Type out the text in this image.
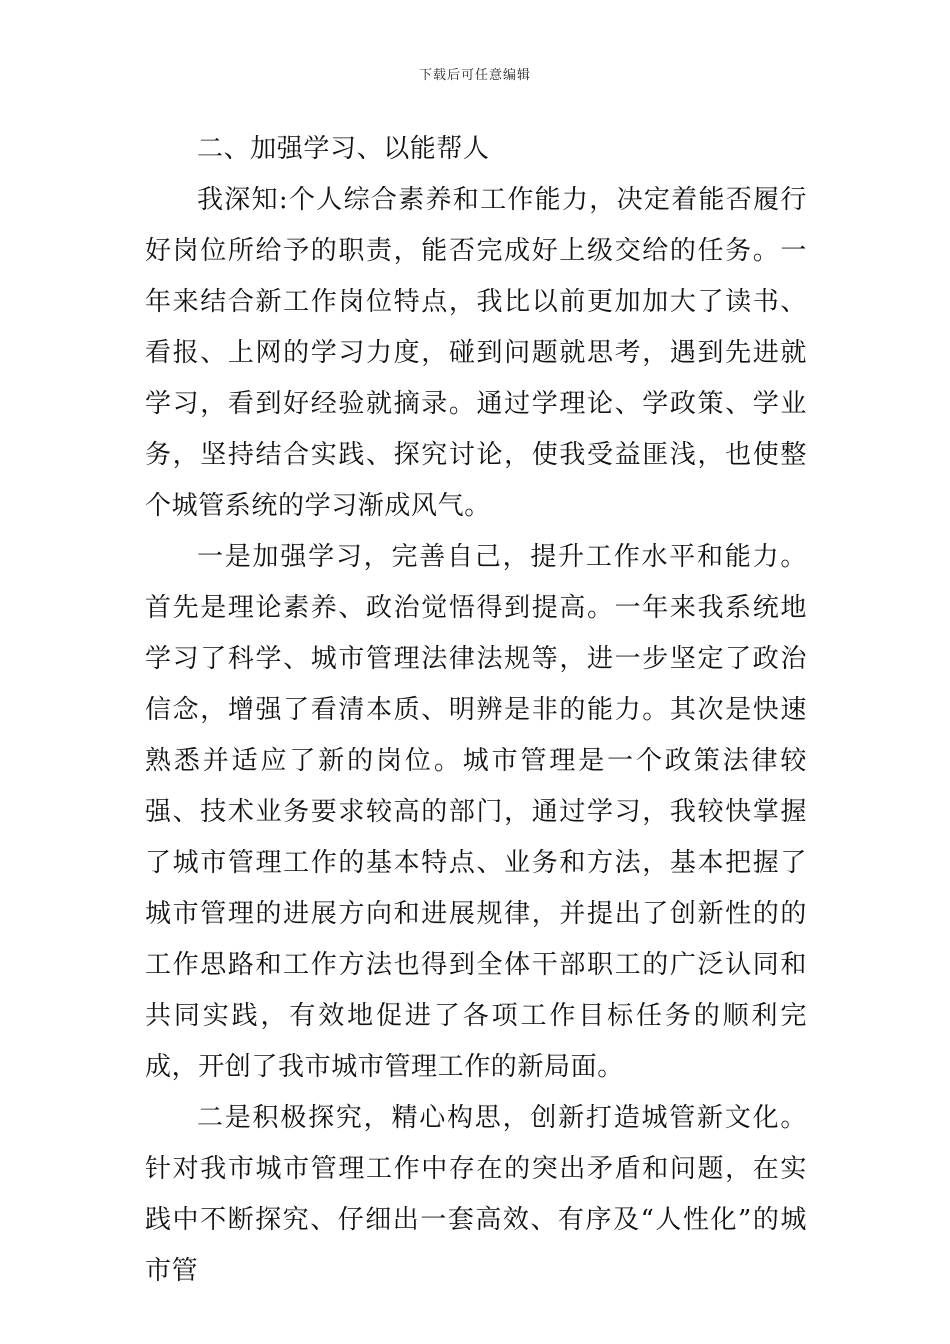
下载后可任意编辑

二、加强学习、以能帮人

我深知:个人综合素养和工作能力，决定着能否履行好岗位所给予的职责，能否完成好上级交给的任务。一年来结合新工作岗位特点，我比以前更加加大了读书、看报、上网的学习力度，碰到问题就思考，遇到先进就学习，看到好经验就摘录。通过学理论、学政策、学业务，坚持结合实践、探究讨论，使我受益匪浅，也使整个城管系统的学习渐成风气。

一是加强学习，完善自己，提升工作水平和能力。首先是理论素养、政治觉悟得到提高。一年来我系统地学习了科学、城市管理法律法规等，进一步坚定了政治信念，增强了看清本质、明辨是非的能力。其次是快速熟悉并适应了新的岗位。城市管理是一个政策法律较强、技术业务要求较高的部门，通过学习，我较快掌握了城市管理工作的基本特点、业务和方法，基本把握了城市管理的进展方向和进展规律，并提出了创新性的的工作思路和工作方法也得到全体干部职工的广泛认同和共同实践，有效地促进了各项工作目标任务的顺利完成，开创了我市城市管理工作的新局面。

二是积极探究，精心构思，创新打造城管新文化。针对我市城市管理工作中存在的突出矛盾和问题，在实践中不断探究、仔细出一套高效、有序及“人性化”的城市管
